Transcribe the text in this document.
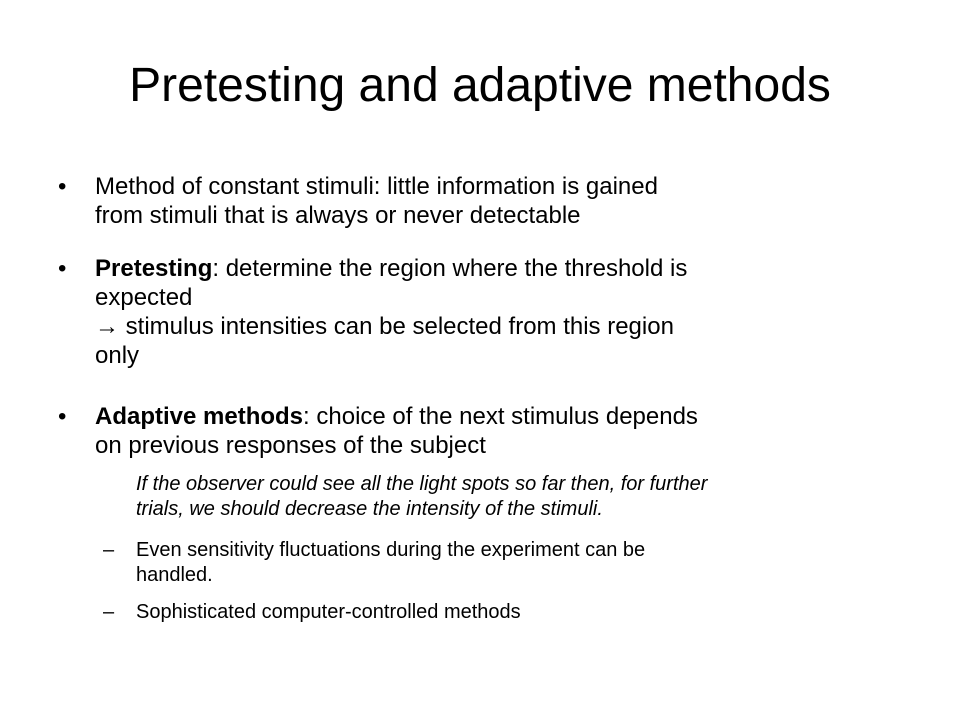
Pretesting and adaptive methods
• Method of constant stimuli: little information is gained
from stimuli that is always or never detectable
• Pretesting: determine the region where the threshold is
expected
→ stimulus intensities can be selected from this region
only
• Adaptive methods: choice of the next stimulus depends
on previous responses of the subject
If the observer could see all the light spots so far then, for further
trials, we should decrease the intensity of the stimuli.
– Even sensitivity fluctuations during the experiment can be
handled.
– Sophisticated computer-controlled methods
